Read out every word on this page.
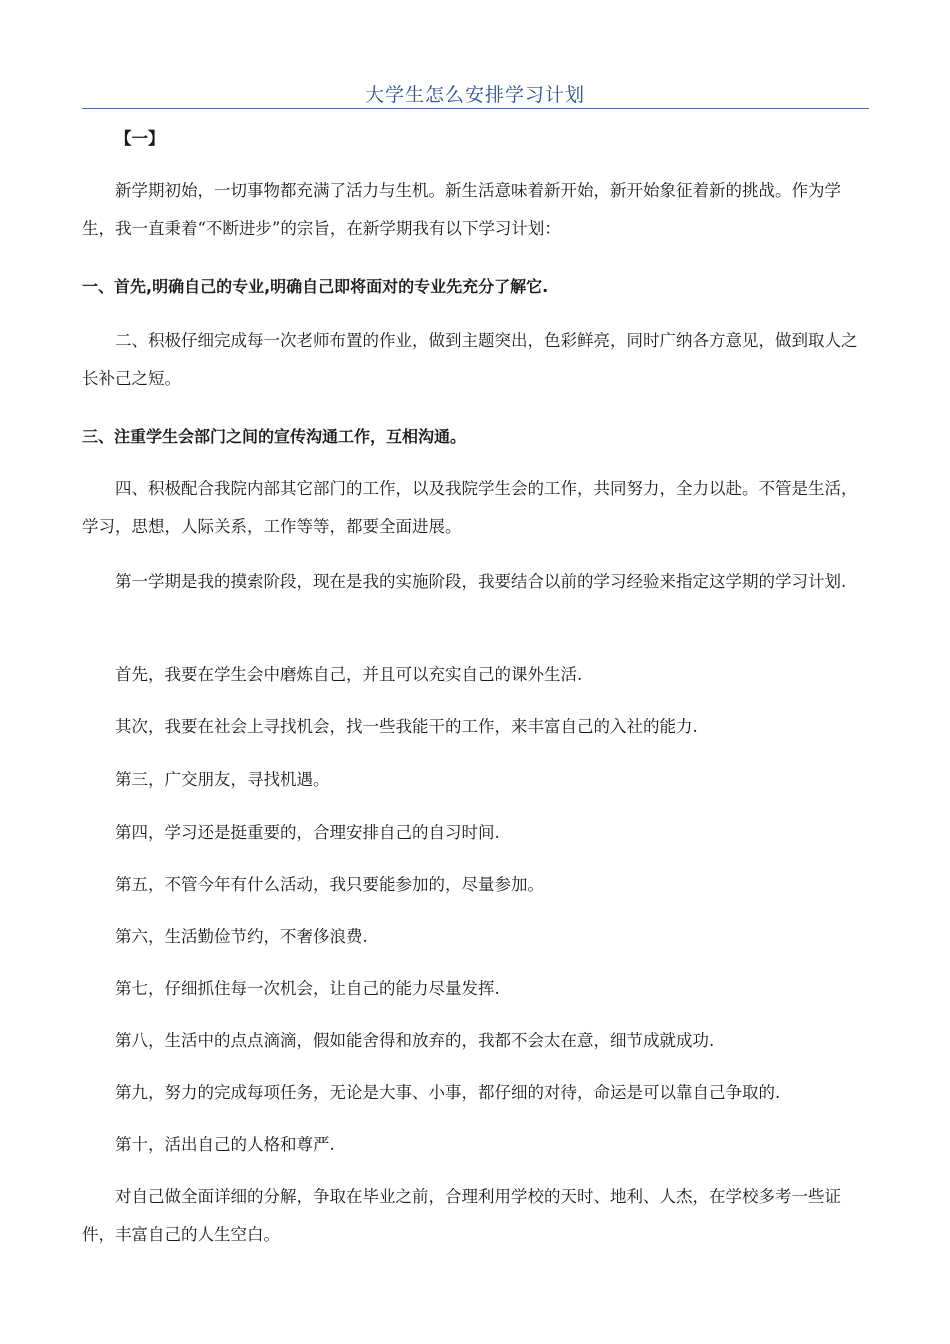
大学生怎么安排学习计划
【一】

新学期初始，一切事物都充满了活力与生机。新生活意味着新开始，新开始象征着新的挑战。作为学生，我一直秉着“不断进步”的宗旨，在新学期我有以下学习计划：

一、首先,明确自己的专业,明确自己即将面对的专业先充分了解它.

二、积极仔细完成每一次老师布置的作业，做到主题突出，色彩鲜亮，同时广纳各方意见，做到取人之长补己之短。

三、注重学生会部门之间的宣传沟通工作，互相沟通。

四、积极配合我院内部其它部门的工作，以及我院学生会的工作，共同努力，全力以赴。不管是生活，学习，思想，人际关系，工作等等，都要全面进展。

第一学期是我的摸索阶段，现在是我的实施阶段，我要结合以前的学习经验来指定这学期的学习计划.

首先，我要在学生会中磨炼自己，并且可以充实自己的课外生活.

其次，我要在社会上寻找机会，找一些我能干的工作，来丰富自己的入社的能力.

第三，广交朋友，寻找机遇。

第四，学习还是挺重要的，合理安排自己的自习时间.

第五，不管今年有什么活动，我只要能参加的，尽量参加。

第六，生活勤俭节约，不奢侈浪费.

第七，仔细抓住每一次机会，让自己的能力尽量发挥.

第八，生活中的点点滴滴，假如能舍得和放弃的，我都不会太在意，细节成就成功.

第九，努力的完成每项任务，无论是大事、小事，都仔细的对待，命运是可以靠自己争取的.

第十，活出自己的人格和尊严.

对自己做全面详细的分解，争取在毕业之前，合理利用学校的天时、地利、人杰，在学校多考一些证件，丰富自己的人生空白。
